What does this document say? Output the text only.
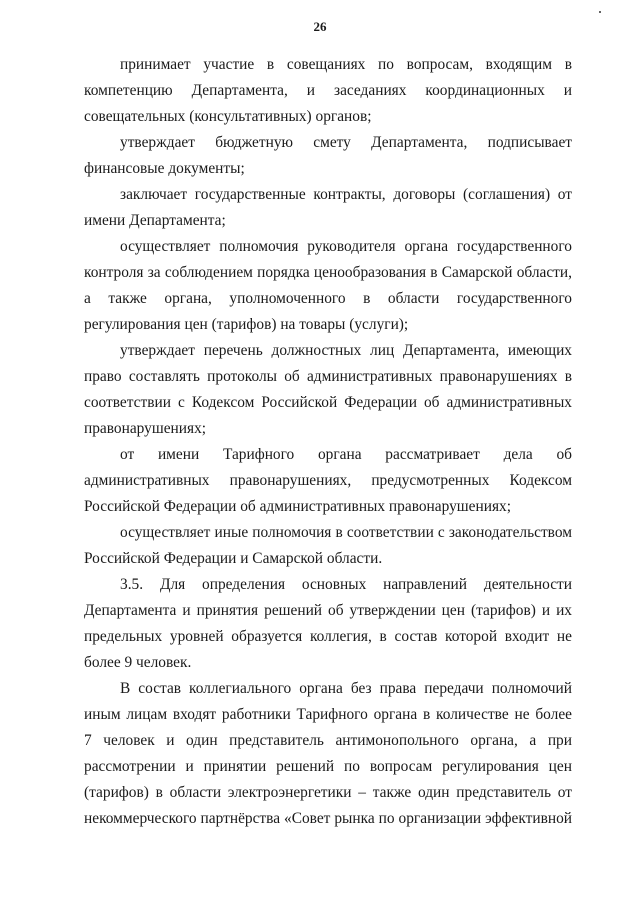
26
принимает участие в совещаниях по вопросам, входящим в
компетенцию Департамента, и заседаниях координационных и
совещательных (консультативных) органов;
утверждает бюджетную смету Департамента, подписывает
финансовые документы;
заключает государственные контракты, договоры (соглашения) от
имени Департамента;
осуществляет полномочия руководителя органа государственного
контроля за соблюдением порядка ценообразования в Самарской области,
а также органа, уполномоченного в области государственного
регулирования цен (тарифов) на товары (услуги);
утверждает перечень должностных лиц Департамента, имеющих
право составлять протоколы об административных правонарушениях в
соответствии с Кодексом Российской Федерации об административных
правонарушениях;
от имени Тарифного органа рассматривает дела об
административных правонарушениях, предусмотренных Кодексом
Российской Федерации об административных правонарушениях;
осуществляет иные полномочия в соответствии с законодательством
Российской Федерации и Самарской области.
3.5. Для определения основных направлений деятельности
Департамента и принятия решений об утверждении цен (тарифов) и их
предельных уровней образуется коллегия, в состав которой входит не
более 9 человек.
В состав коллегиального органа без права передачи полномочий
иным лицам входят работники Тарифного органа в количестве не более
7 человек и один представитель антимонопольного органа, а при
рассмотрении и принятии решений по вопросам регулирования цен
(тарифов) в области электроэнергетики – также один представитель от
некоммерческого партнёрства «Совет рынка по организации эффективной
